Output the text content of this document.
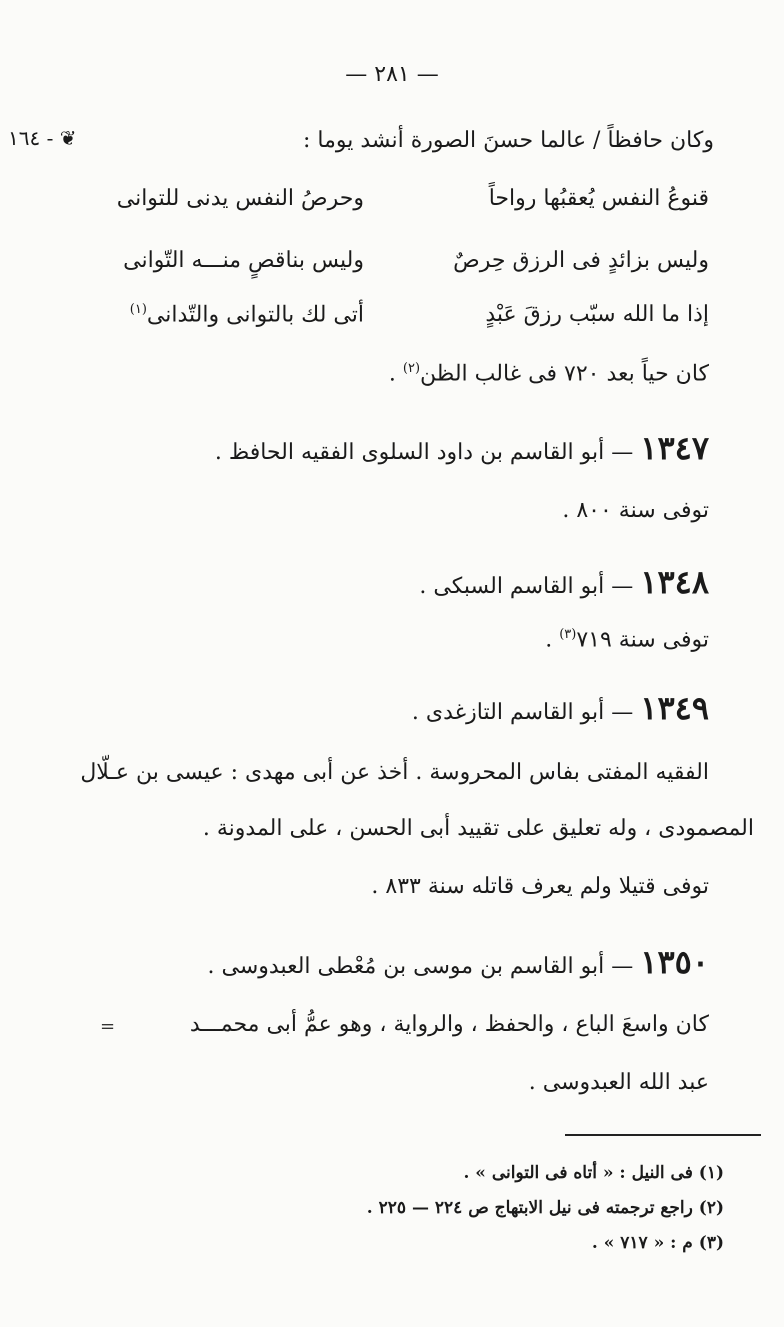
— ٢٨١ —
١٦٤ - ❦	وكان حافظاً / عالما حسنَ الصورة أنشد يوما :
قنوعُ النفس يُعقبُها رواحاً
وحرصُ النفس يدنى للتوانى
وليس بزائدٍ فى الرزق حِرصٌ
وليس بناقصٍ منـــه التّوانى
إذا ما الله سبّب رزقَ عَبْدٍ
أتى لك بالتوانى والتّدانى$^{(١)}$
كان حياً بعد ٧٢٠ فى غالب الظن$^{(٢)}$ .
١٣٤٧ — أبو القاسم بن داود السلوى الفقيه الحافظ .
توفى سنة ٨٠٠ .
١٣٤٨ — أبو القاسم السبكى .
توفى سنة ٧١٩$^{(٣)}$ .
١٣٤٩ — أبو القاسم التازغدى .
الفقيه المفتى بفاس المحروسة . أخذ عن أبى مهدى : عيسى بن عـلّال
المصمودى ، وله تعليق على تقييد أبى الحسن ، على المدونة .
توفى قتيلا ولم يعرف قاتله سنة ٨٣٣ .
١٣٥٠ — أبو القاسم بن موسى بن مُعْطى العبدوسى .
كان واسعَ الباع ، والحفظ ، والرواية ، وهو عمُّ أبى محمـــد
=
عبد الله العبدوسى .
(١) فى النيل : « أتاه فى التوانى » .
(٢) راجع ترجمته فى نيل الابتهاج ص ٢٢٤ — ٢٢٥ .
(٣) م : « ٧١٧ » .
